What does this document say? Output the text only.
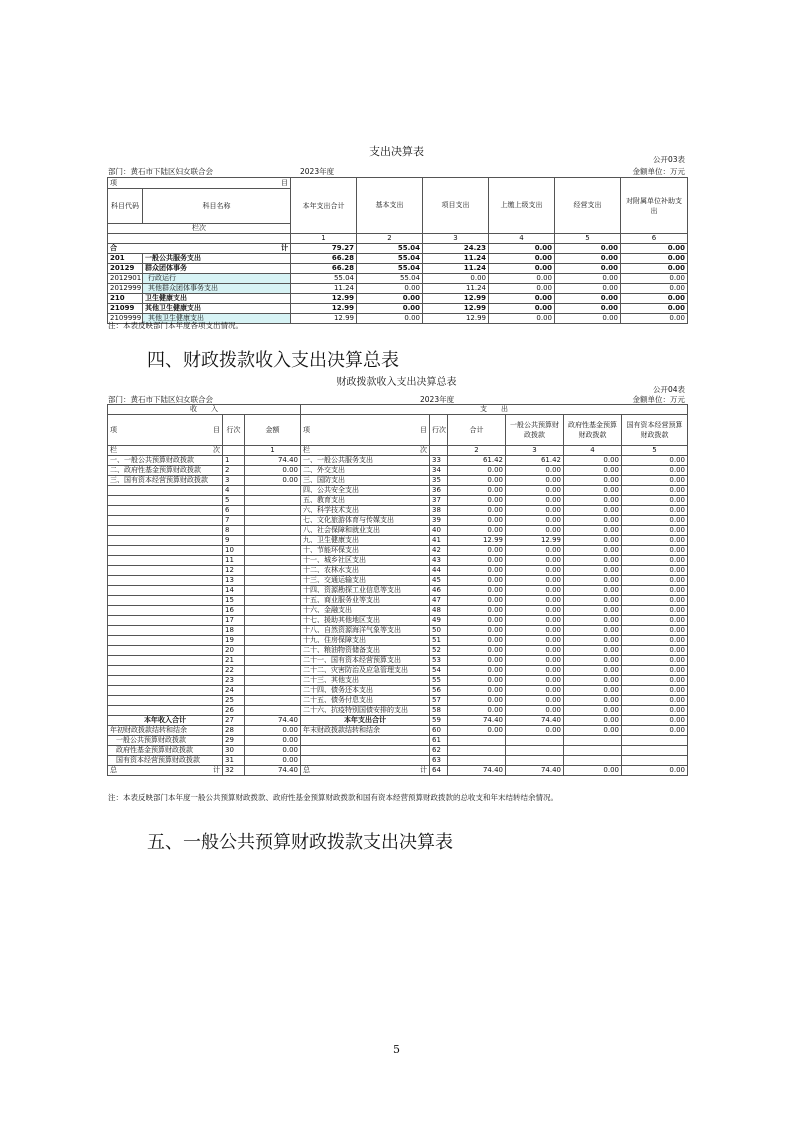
支出决算表
公开03表
部门：黄石市下陆区妇女联合会	2023年度	金额单位：万元
项 目		本年支出合计	基本支出	项目支出	上缴上级支出	经营支出	对附属单位补助支出
科目代码	科目名称						
栏次							
		1	2	3	4	5	6
合 计		79.27	55.04	24.23	0.00	0.00	0.00
201	一般公共服务支出	66.28	55.04	11.24	0.00	0.00	0.00
20129	群众团体事务	66.28	55.04	11.24	0.00	0.00	0.00
2012901	行政运行	55.04	55.04	0.00	0.00	0.00	0.00
2012999	其他群众团体事务支出	11.24	0.00	11.24	0.00	0.00	0.00
210	卫生健康支出	12.99	0.00	12.99	0.00	0.00	0.00
21099	其他卫生健康支出	12.99	0.00	12.99	0.00	0.00	0.00
2109999	其他卫生健康支出	12.99	0.00	12.99	0.00	0.00	0.00
注：本表反映部门本年度各项支出情况。
四、财政拨款收入支出决算总表
财政拨款收入支出决算总表
公开04表
部门：黄石市下陆区妇女联合会	2023年度	金额单位：万元
收　　入			支　　出					
项 目	行次	金额	项 目	行次	合计	一般公共预算财政拨款	政府性基金预算财政拨款	国有资本经营预算财政拨款
栏 次		1	栏 次		2	3	4	5
一、一般公共预算财政拨款	1	74.40	一、一般公共服务支出	33	61.42	61.42	0.00	0.00
二、政府性基金预算财政拨款	2	0.00	二、外交支出	34	0.00	0.00	0.00	0.00
三、国有资本经营预算财政拨款	3	0.00	三、国防支出	35	0.00	0.00	0.00	0.00
	4		四、公共安全支出	36	0.00	0.00	0.00	0.00
	5		五、教育支出	37	0.00	0.00	0.00	0.00
	6		六、科学技术支出	38	0.00	0.00	0.00	0.00
	7		七、文化旅游体育与传媒支出	39	0.00	0.00	0.00	0.00
	8		八、社会保障和就业支出	40	0.00	0.00	0.00	0.00
	9		九、卫生健康支出	41	12.99	12.99	0.00	0.00
	10		十、节能环保支出	42	0.00	0.00	0.00	0.00
	11		十一、城乡社区支出	43	0.00	0.00	0.00	0.00
	12		十二、农林水支出	44	0.00	0.00	0.00	0.00
	13		十三、交通运输支出	45	0.00	0.00	0.00	0.00
	14		十四、资源勘探工业信息等支出	46	0.00	0.00	0.00	0.00
	15		十五、商业服务业等支出	47	0.00	0.00	0.00	0.00
	16		十六、金融支出	48	0.00	0.00	0.00	0.00
	17		十七、援助其他地区支出	49	0.00	0.00	0.00	0.00
	18		十八、自然资源海洋气象等支出	50	0.00	0.00	0.00	0.00
	19		十九、住房保障支出	51	0.00	0.00	0.00	0.00
	20		二十、粮油物资储备支出	52	0.00	0.00	0.00	0.00
	21		二十一、国有资本经营预算支出	53	0.00	0.00	0.00	0.00
	22		二十二、灾害防治及应急管理支出	54	0.00	0.00	0.00	0.00
	23		二十三、其他支出	55	0.00	0.00	0.00	0.00
	24		二十四、债务还本支出	56	0.00	0.00	0.00	0.00
	25		二十五、债务付息支出	57	0.00	0.00	0.00	0.00
	26		二十六、抗疫特别国债安排的支出	58	0.00	0.00	0.00	0.00
本年收入合计	27	74.40	本年支出合计	59	74.40	74.40	0.00	0.00
年初财政拨款结转和结余	28	0.00	年末财政拨款结转和结余	60	0.00	0.00	0.00	0.00
一般公共预算财政拨款	29	0.00		61				
政府性基金预算财政拨款	30	0.00		62				
国有资本经营预算财政拨款	31	0.00		63				
总 计	32	74.40	总 计	64	74.40	74.40	0.00	0.00
注：本表反映部门本年度一般公共预算财政拨款、政府性基金预算财政拨款和国有资本经营预算财政拨款的总收支和年末结转结余情况。
五、一般公共预算财政拨款支出决算表
5
